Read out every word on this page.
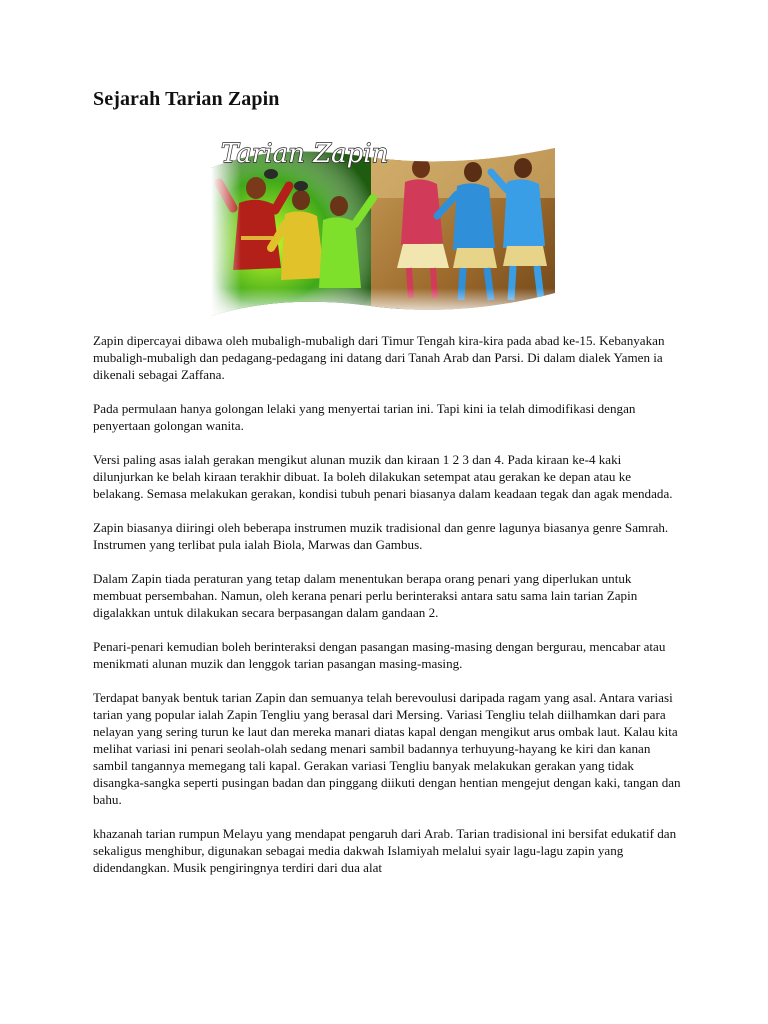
Sejarah Tarian Zapin
Tarian Zapin

Zapin dipercayai dibawa oleh mubaligh-mubaligh dari Timur Tengah kira-kira pada abad ke-15. Kebanyakan mubaligh-mubaligh dan pedagang-pedagang ini datang dari Tanah Arab dan Parsi. Di dalam dialek Yamen ia dikenali sebagai Zaffana.

Pada permulaan hanya golongan lelaki yang menyertai tarian ini. Tapi kini ia telah dimodifikasi dengan penyertaan golongan wanita.

Versi paling asas ialah gerakan mengikut alunan muzik dan kiraan 1 2 3 dan 4. Pada kiraan ke-4 kaki dilunjurkan ke belah kiraan terakhir dibuat. Ia boleh dilakukan setempat atau gerakan ke depan atau ke belakang. Semasa melakukan gerakan, kondisi tubuh penari biasanya dalam keadaan tegak dan agak mendada.

Zapin biasanya diiringi oleh beberapa instrumen muzik tradisional dan genre lagunya biasanya genre Samrah. Instrumen yang terlibat pula ialah Biola, Marwas dan Gambus.

Dalam Zapin tiada peraturan yang tetap dalam menentukan berapa orang penari yang diperlukan untuk membuat persembahan. Namun, oleh kerana penari perlu berinteraksi antara satu sama lain tarian Zapin digalakkan untuk dilakukan secara berpasangan dalam gandaan 2.

Penari-penari kemudian boleh berinteraksi dengan pasangan masing-masing dengan bergurau, mencabar atau menikmati alunan muzik dan lenggok tarian pasangan masing-masing.

Terdapat banyak bentuk tarian Zapin dan semuanya telah berevoulusi daripada ragam yang asal. Antara variasi tarian yang popular ialah Zapin Tengliu yang berasal dari Mersing. Variasi Tengliu telah diilhamkan dari para nelayan yang sering turun ke laut dan mereka manari diatas kapal dengan mengikut arus ombak laut. Kalau kita melihat variasi ini penari seolah-olah sedang menari sambil badannya terhuyung-hayang ke kiri dan kanan sambil tangannya memegang tali kapal. Gerakan variasi Tengliu banyak melakukan gerakan yang tidak disangka-sangka seperti pusingan badan dan pinggang diikuti dengan hentian mengejut dengan kaki, tangan dan bahu.

khazanah tarian rumpun Melayu yang mendapat pengaruh dari Arab. Tarian tradisional ini bersifat edukatif dan sekaligus menghibur, digunakan sebagai media dakwah Islamiyah melalui syair lagu-lagu zapin yang didendangkan. Musik pengiringnya terdiri dari dua alat
